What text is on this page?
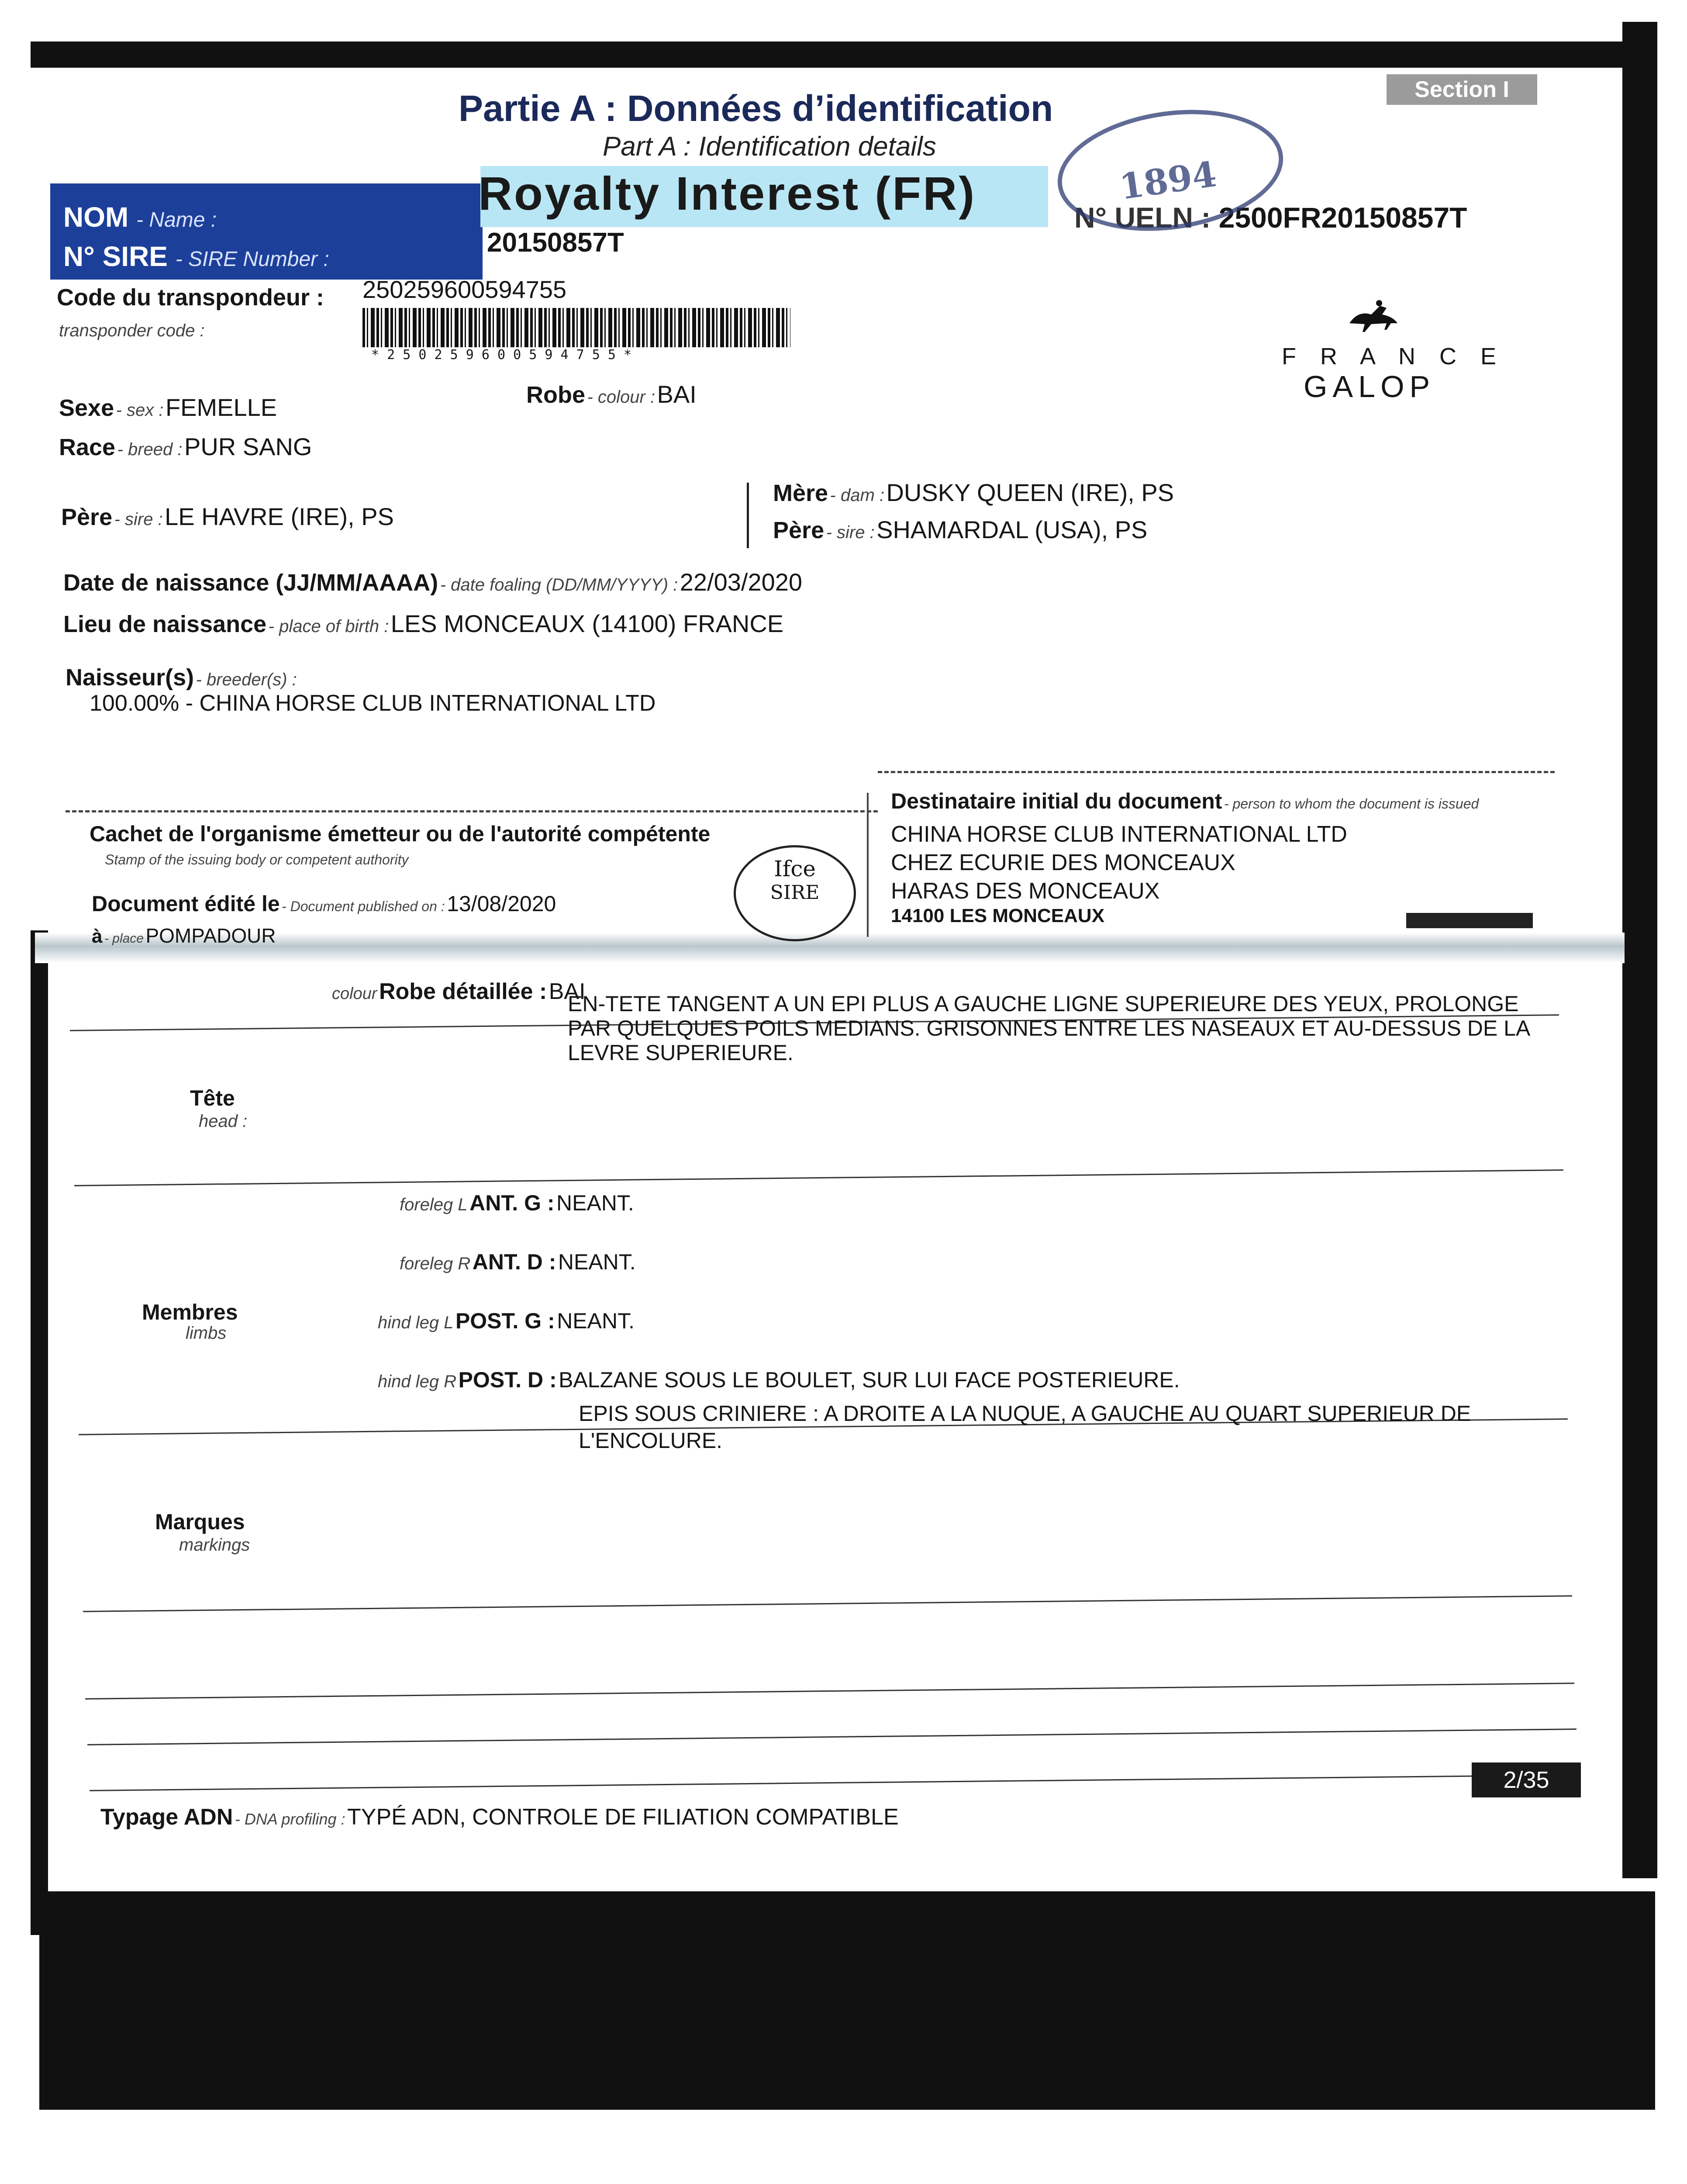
Partie A : Données d’identification
Part A : Identification details
Section I
NOM - Name :
N° SIRE - SIRE Number :
Royalty Interest (FR)
20150857T
N° UELN : 2500FR20150857T
1894
Code du transpondeur : 250259600594755
transponder code :
* 2 5 0 2 5 9 6 0 0 5 9 4 7 5 5 *	F R A N C E
GALOP
Sexe - sex : FEMELLE	Robe - colour : BAI
Race - breed : PUR SANG
Père - sire : LE HAVRE (IRE), PS
Mère - dam : DUSKY QUEEN (IRE), PS
Père - sire : SHAMARDAL (USA), PS
Date de naissance (JJ/MM/AAAA) - date foaling (DD/MM/YYYY) : 22/03/2020
Lieu de naissance - place of birth : LES MONCEAUX (14100) FRANCE
Naisseur(s) - breeder(s) :
100.00% - CHINA HORSE CLUB INTERNATIONAL LTD
Cachet de l'organisme émetteur ou de l'autorité compétente
Stamp of the issuing body or competent authority
Document édité le - Document published on : 13/08/2020
à - place POMPADOUR
Ifce
SIRE
Destinataire initial du document - person to whom the document is issued
CHINA HORSE CLUB INTERNATIONAL LTD
CHEZ ECURIE DES MONCEAUX
HARAS DES MONCEAUX
14100 LES MONCEAUX
colour Robe détaillée : BAI
EN-TETE TANGENT A UN EPI PLUS A GAUCHE LIGNE SUPERIEURE DES YEUX, PROLONGE PAR QUELQUES POILS MEDIANS. GRISONNES ENTRE LES NASEAUX ET AU-DESSUS DE LA LEVRE SUPERIEURE.
Tête
head :
foreleg L ANT. G : NEANT.
foreleg R ANT. D : NEANT.
Membres
limbs
hind leg L POST. G : NEANT.
hind leg R POST. D : BALZANE SOUS LE BOULET, SUR LUI FACE POSTERIEURE.
EPIS SOUS CRINIERE : A DROITE A LA NUQUE, A GAUCHE AU QUART SUPERIEUR DE L'ENCOLURE.
Marques
markings
2/35
Typage ADN - DNA profiling : TYPÉ ADN, CONTROLE DE FILIATION COMPATIBLE
